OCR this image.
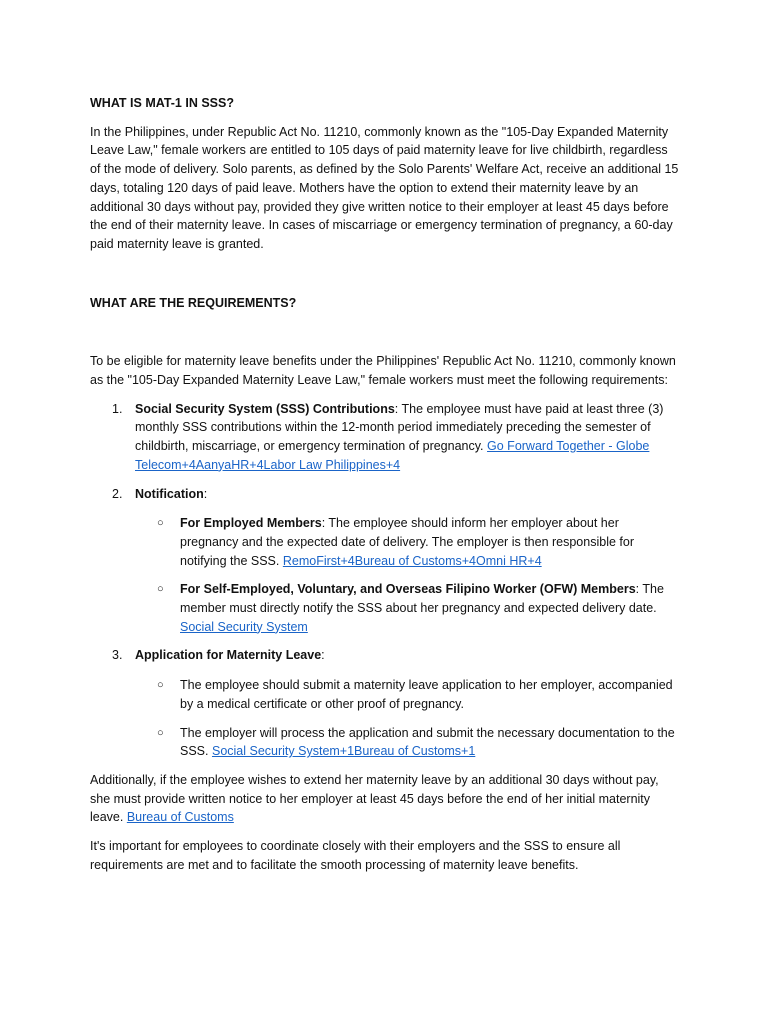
WHAT IS MAT-1 IN SSS?

In the Philippines, under Republic Act No. 11210, commonly known as the "105-Day Expanded Maternity Leave Law," female workers are entitled to 105 days of paid maternity leave for live childbirth, regardless of the mode of delivery. Solo parents, as defined by the Solo Parents' Welfare Act, receive an additional 15 days, totaling 120 days of paid leave. Mothers have the option to extend their maternity leave by an additional 30 days without pay, provided they give written notice to their employer at least 45 days before the end of their maternity leave. In cases of miscarriage or emergency termination of pregnancy, a 60-day paid maternity leave is granted.

WHAT ARE THE REQUIREMENTS?

To be eligible for maternity leave benefits under the Philippines' Republic Act No. 11210, commonly known as the "105-Day Expanded Maternity Leave Law," female workers must meet the following requirements:

1. Social Security System (SSS) Contributions: The employee must have paid at least three (3) monthly SSS contributions within the 12-month period immediately preceding the semester of childbirth, miscarriage, or emergency termination of pregnancy. Go Forward Together - Globe Telecom+4AanyaHR+4Labor Law Philippines+4
2. Notification:
○ For Employed Members: The employee should inform her employer about her pregnancy and the expected date of delivery. The employer is then responsible for notifying the SSS. RemoFirst+4Bureau of Customs+4Omni HR+4
○ For Self-Employed, Voluntary, and Overseas Filipino Worker (OFW) Members: The member must directly notify the SSS about her pregnancy and expected delivery date. Social Security System
3. Application for Maternity Leave:
○ The employee should submit a maternity leave application to her employer, accompanied by a medical certificate or other proof of pregnancy.
○ The employer will process the application and submit the necessary documentation to the SSS. Social Security System+1Bureau of Customs+1

Additionally, if the employee wishes to extend her maternity leave by an additional 30 days without pay, she must provide written notice to her employer at least 45 days before the end of her initial maternity leave. Bureau of Customs

It's important for employees to coordinate closely with their employers and the SSS to ensure all requirements are met and to facilitate the smooth processing of maternity leave benefits.
